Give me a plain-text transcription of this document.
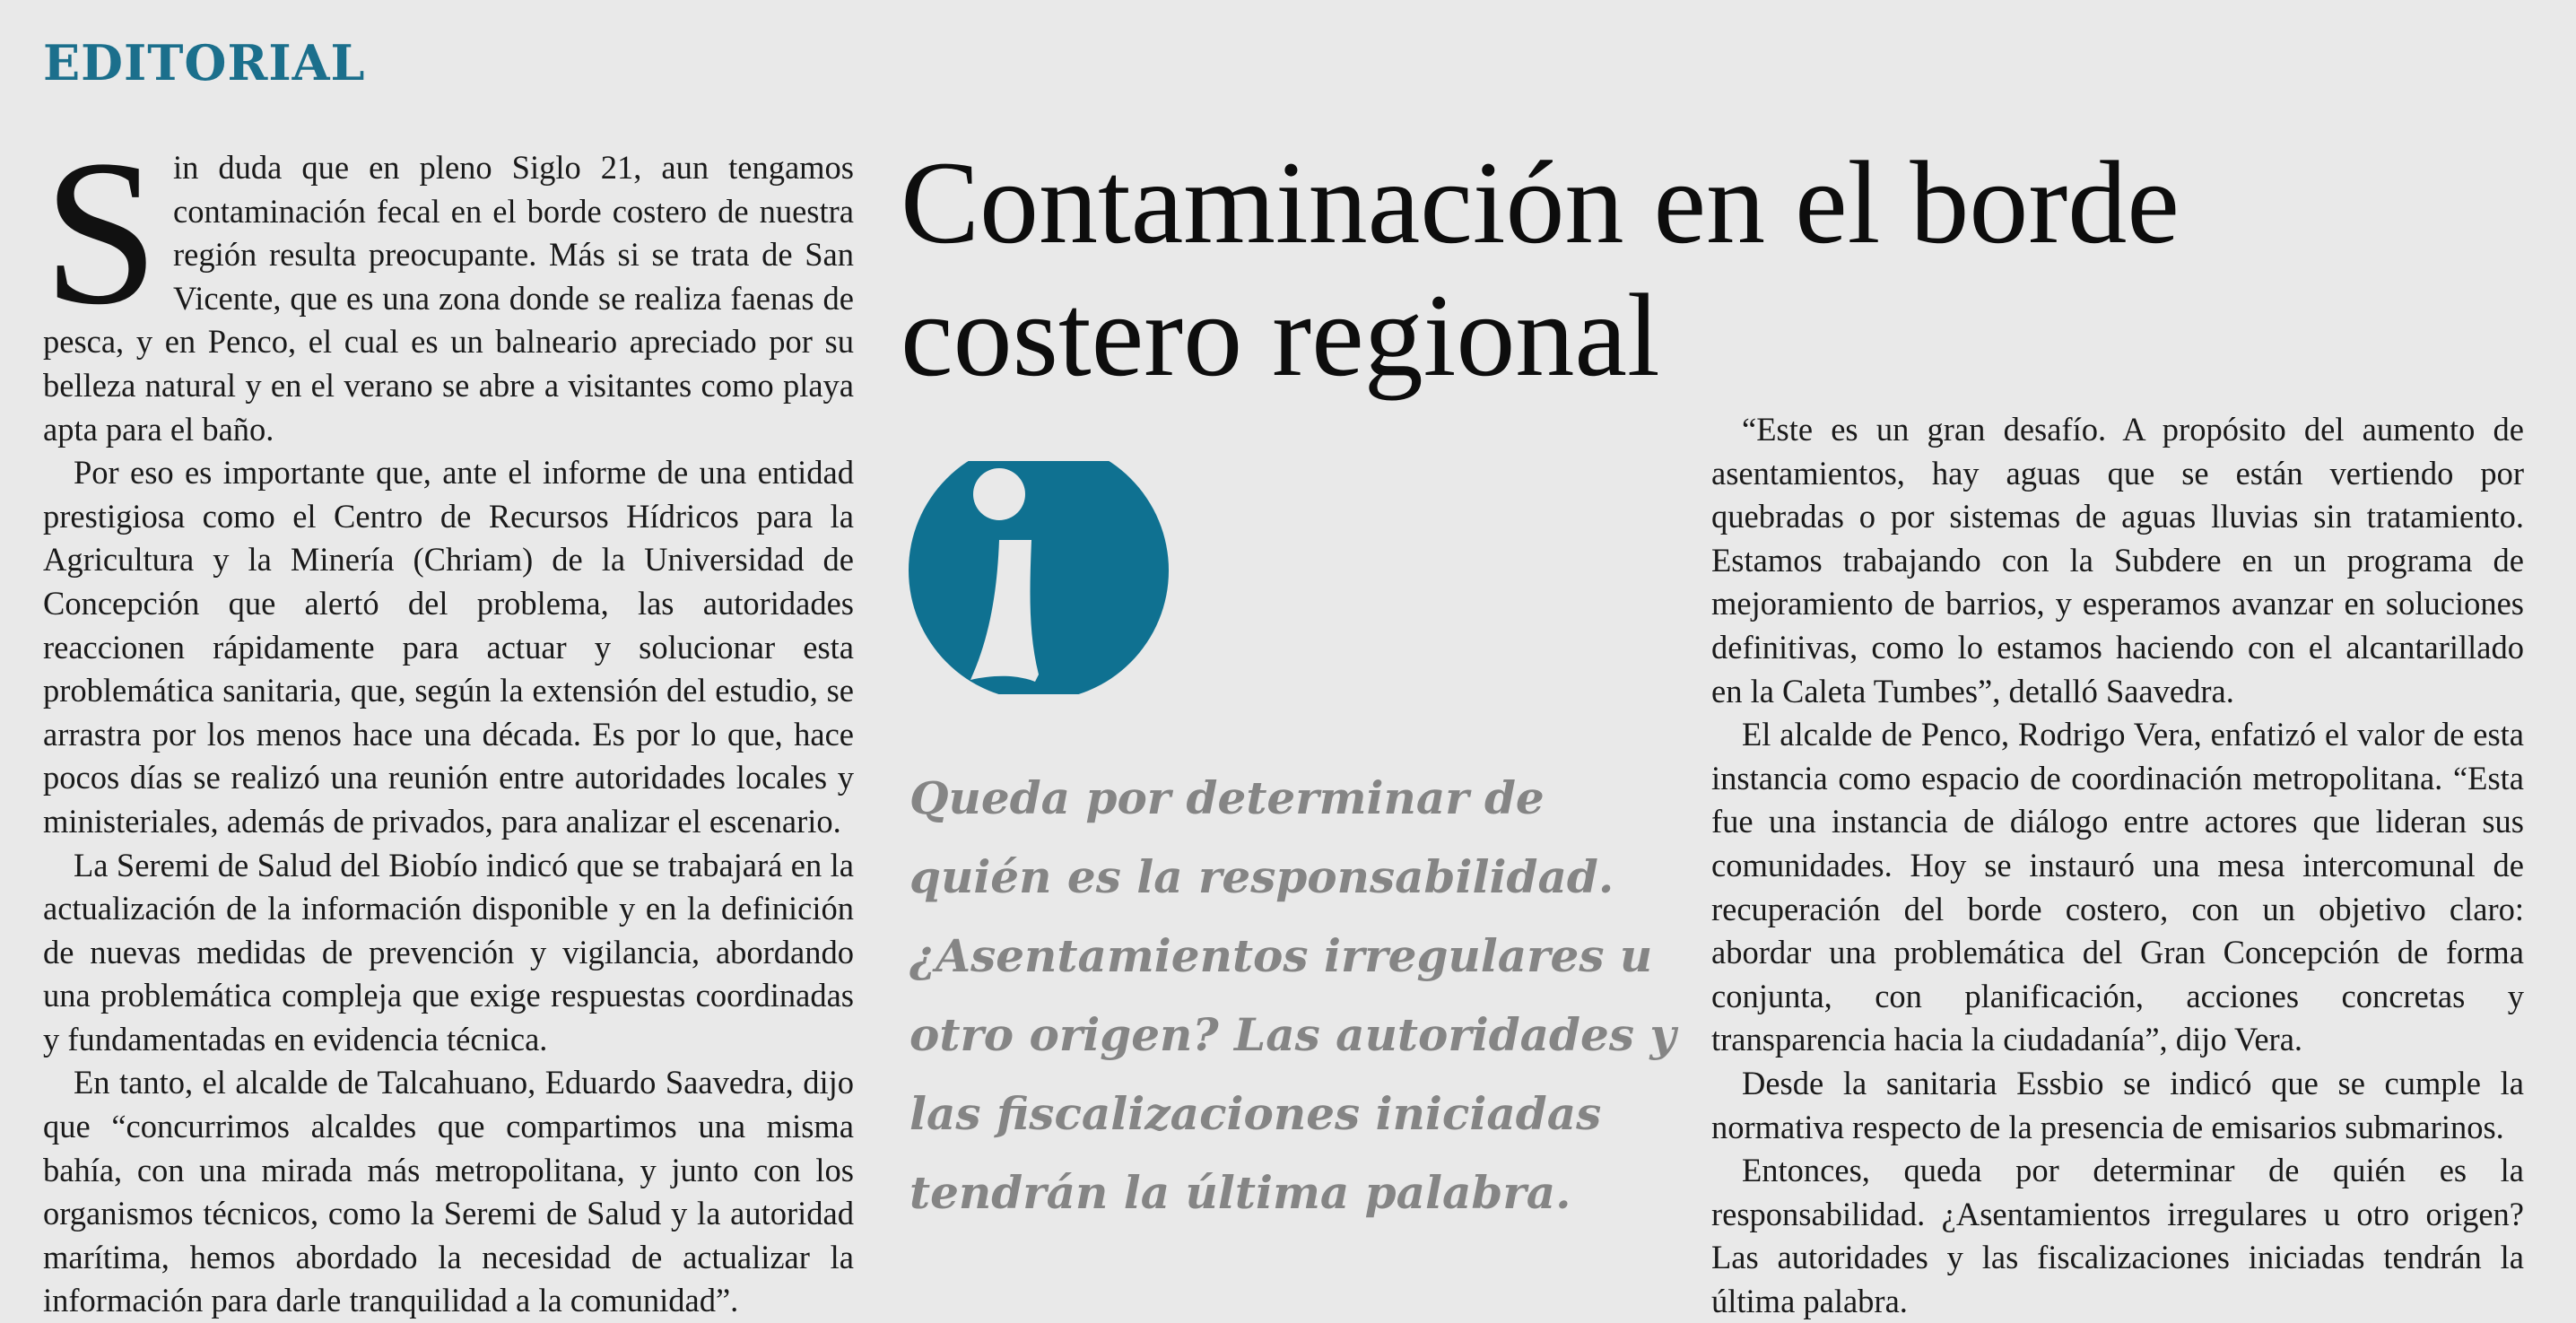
EDITORIAL

Sin duda que en pleno Siglo 21, aun tengamos contaminación fecal en el borde costero de nuestra región resulta preocupante. Más si se trata de San Vicente, que es una zona donde se realiza faenas de pesca, y en Penco, el cual es un balneario apreciado por su belleza natural y en el verano se abre a visitantes como playa apta para el baño.

Por eso es importante que, ante el informe de una entidad prestigiosa como el Centro de Recursos Hídricos para la Agricultura y la Minería (Chriam) de la Universidad de Concepción que alertó del problema, las autoridades reaccionen rápidamente para actuar y solucionar esta problemática sanitaria, que, según la extensión del estudio, se arrastra por los menos hace una década. Es por lo que, hace pocos días se realizó una reunión entre autoridades locales y ministeriales, además de privados, para analizar el escenario.

La Seremi de Salud del Biobío indicó que se trabajará en la actualización de la información disponible y en la definición de nuevas medidas de prevención y vigilancia, abordando una problemática compleja que exige respuestas coordinadas y fundamentadas en evidencia técnica.

En tanto, el alcalde de Talcahuano, Eduardo Saavedra, dijo que “concurrimos alcaldes que compartimos una misma bahía, con una mirada más metropolitana, y junto con los organismos técnicos, como la Seremi de Salud y la autoridad marítima, hemos abordado la necesidad de actualizar la información para darle tranquilidad a la comunidad”.

Contaminación en el borde costero regional

Queda por determinar de quién es la responsabilidad. ¿Asentamientos irregulares u otro origen? Las autoridades y las fiscalizaciones iniciadas tendrán la última palabra.

“Este es un gran desafío. A propósito del aumento de asentamientos, hay aguas que se están vertiendo por quebradas o por sistemas de aguas lluvias sin tratamiento. Estamos trabajando con la Subdere en un programa de mejoramiento de barrios, y esperamos avanzar en soluciones definitivas, como lo estamos haciendo con el alcantarillado en la Caleta Tumbes”, detalló Saavedra.

El alcalde de Penco, Rodrigo Vera, enfatizó el valor de esta instancia como espacio de coordinación metropolitana. “Esta fue una instancia de diálogo entre actores que lideran sus comunidades. Hoy se instauró una mesa intercomunal de recuperación del borde costero, con un objetivo claro: abordar una problemática del Gran Concepción de forma conjunta, con planificación, acciones concretas y transparencia hacia la ciudadanía”, dijo Vera.

Desde la sanitaria Essbio se indicó que se cumple la normativa respecto de la presencia de emisarios submarinos.

Entonces, queda por determinar de quién es la responsabilidad. ¿Asentamientos irregulares u otro origen? Las autoridades y las fiscalizaciones iniciadas tendrán la última palabra.
